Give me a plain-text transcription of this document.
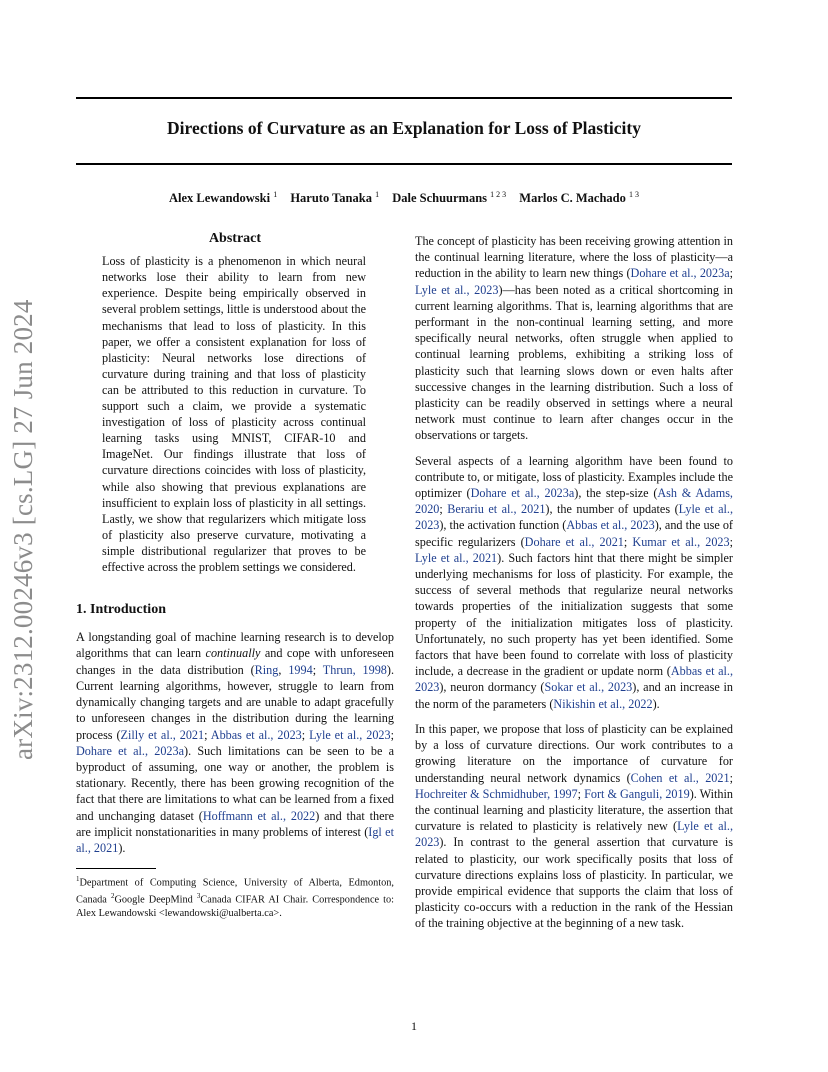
Directions of Curvature as an Explanation for Loss of Plasticity
Alex Lewandowski $^1$ Haruto Tanaka $^1$ Dale Schuurmans $^{1 2 3}$ Marlos C. Machado $^{1 3}$
arXiv:2312.00246v3 [cs.LG] 27 Jun 2024
Abstract
Loss of plasticity is a phenomenon in which neural networks lose their ability to learn from new experience. Despite being empirically observed in several problem settings, little is understood about the mechanisms that lead to loss of plasticity. In this paper, we offer a consistent explanation for loss of plasticity: Neural networks lose directions of curvature during training and that loss of plasticity can be attributed to this reduction in curvature. To support such a claim, we provide a systematic investigation of loss of plasticity across continual learning tasks using MNIST, CIFAR-10 and ImageNet. Our findings illustrate that loss of curvature directions coincides with loss of plasticity, while also showing that previous explanations are insufficient to explain loss of plasticity in all settings. Lastly, we show that regularizers which mitigate loss of plasticity also preserve curvature, motivating a simple distributional regularizer that proves to be effective across the problem settings we considered.
1. Introduction

A longstanding goal of machine learning research is to develop algorithms that can learn continually and cope with unforeseen changes in the data distribution (Ring, 1994; Thrun, 1998). Current learning algorithms, however, struggle to learn from dynamically changing targets and are unable to adapt gracefully to unforeseen changes in the distribution during the learning process (Zilly et al., 2021; Abbas et al., 2023; Lyle et al., 2023; Dohare et al., 2023a). Such limitations can be seen to be a byproduct of assuming, one way or another, the problem is stationary. Recently, there has been growing recognition of the fact that there are limitations to what can be learned from a fixed and unchanging dataset (Hoffmann et al., 2022) and that there are implicit nonstationarities in many problems of interest (Igl et al., 2021).

$^1$Department of Computing Science, University of Alberta, Edmonton, Canada $^2$Google DeepMind $^3$Canada CIFAR AI Chair. Correspondence to: Alex Lewandowski <lewandowski@ualberta.ca>.

The concept of plasticity has been receiving growing attention in the continual learning literature, where the loss of plasticity—a reduction in the ability to learn new things (Dohare et al., 2023a; Lyle et al., 2023)—has been noted as a critical shortcoming in current learning algorithms. That is, learning algorithms that are performant in the non-continual learning setting, and more specifically neural networks, often struggle when applied to continual learning problems, exhibiting a striking loss of plasticity such that learning slows down or even halts after successive changes in the learning distribution. Such a loss of plasticity can be readily observed in settings where a neural network must continue to learn after changes occur in the observations or targets.

Several aspects of a learning algorithm have been found to contribute to, or mitigate, loss of plasticity. Examples include the optimizer (Dohare et al., 2023a), the step-size (Ash & Adams, 2020; Berariu et al., 2021), the number of updates (Lyle et al., 2023), the activation function (Abbas et al., 2023), and the use of specific regularizers (Dohare et al., 2021; Kumar et al., 2023; Lyle et al., 2021). Such factors hint that there might be simpler underlying mechanisms for loss of plasticity. For example, the success of several methods that regularize neural networks towards properties of the initialization suggests that some property of the initialization mitigates loss of plasticity. Unfortunately, no such property has yet been identified. Some factors that have been found to correlate with loss of plasticity include, a decrease in the gradient or update norm (Abbas et al., 2023), neuron dormancy (Sokar et al., 2023), and an increase in the norm of the parameters (Nikishin et al., 2022).

In this paper, we propose that loss of plasticity can be explained by a loss of curvature directions. Our work contributes to a growing literature on the importance of curvature for understanding neural network dynamics (Cohen et al., 2021; Hochreiter & Schmidhuber, 1997; Fort & Ganguli, 2019). Within the continual learning and plasticity literature, the assertion that curvature is related to plasticity is relatively new (Lyle et al., 2023). In contrast to the general assertion that curvature is related to plasticity, our work specifically posits that loss of curvature directions explains loss of plasticity. In particular, we provide empirical evidence that supports the claim that loss of plasticity co-occurs with a reduction in the rank of the Hessian of the training objective at the beginning of a new task.

1
